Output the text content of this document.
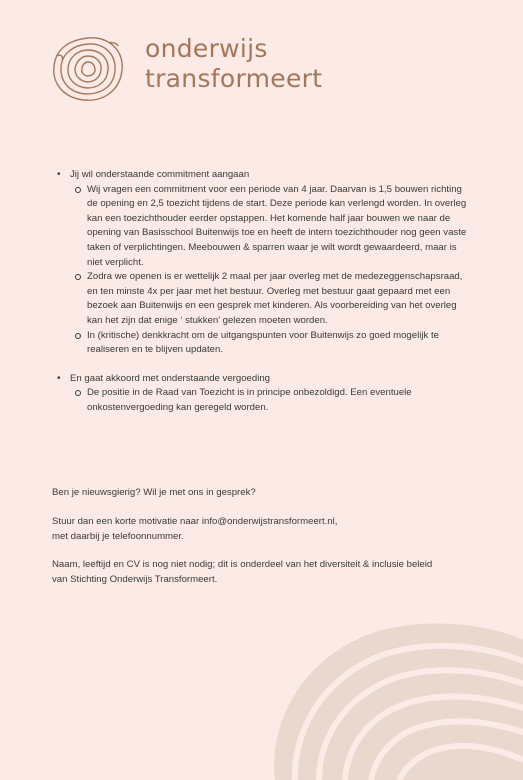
onderwijs
transformeert
• Jij wil onderstaande commitment aangaan
Wij vragen een commitment voor een periode van 4 jaar. Daarvan is 1,5 bouwen richting de opening en 2,5 toezicht tijdens de start. Deze periode kan verlengd worden. In overleg kan een toezichthouder eerder opstappen. Het komende half jaar bouwen we naar de opening van Basisschool Buitenwijs toe en heeft de intern toezichthouder nog geen vaste taken of verplichtingen. Meebouwen & sparren waar je wilt wordt gewaardeerd, maar is niet verplicht.
Zodra we openen is er wettelijk 2 maal per jaar overleg met de medezeggenschapsraad, en ten minste 4x per jaar met het bestuur. Overleg met bestuur gaat gepaard met een bezoek aan Buitenwijs en een gesprek met kinderen. Als voorbereiding van het overleg kan het zijn dat enige ‘ stukken’ gelezen moeten worden.
In (kritische) denkkracht om de uitgangspunten voor Buitenwijs zo goed mogelijk te realiseren en te blijven updaten.
• En gaat akkoord met onderstaande vergoeding
De positie in de Raad van Toezicht is in principe onbezoldigd. Een eventuele onkostenvergoeding kan geregeld worden.
Ben je nieuwsgierig? Wil je met ons in gesprek?
Stuur dan een korte motivatie naar info@onderwijstransformeert.nl,
met daarbij je telefoonnummer.
Naam, leeftijd en CV is nog niet nodig; dit is onderdeel van het diversiteit & inclusie beleid
van Stichting Onderwijs Transformeert.
